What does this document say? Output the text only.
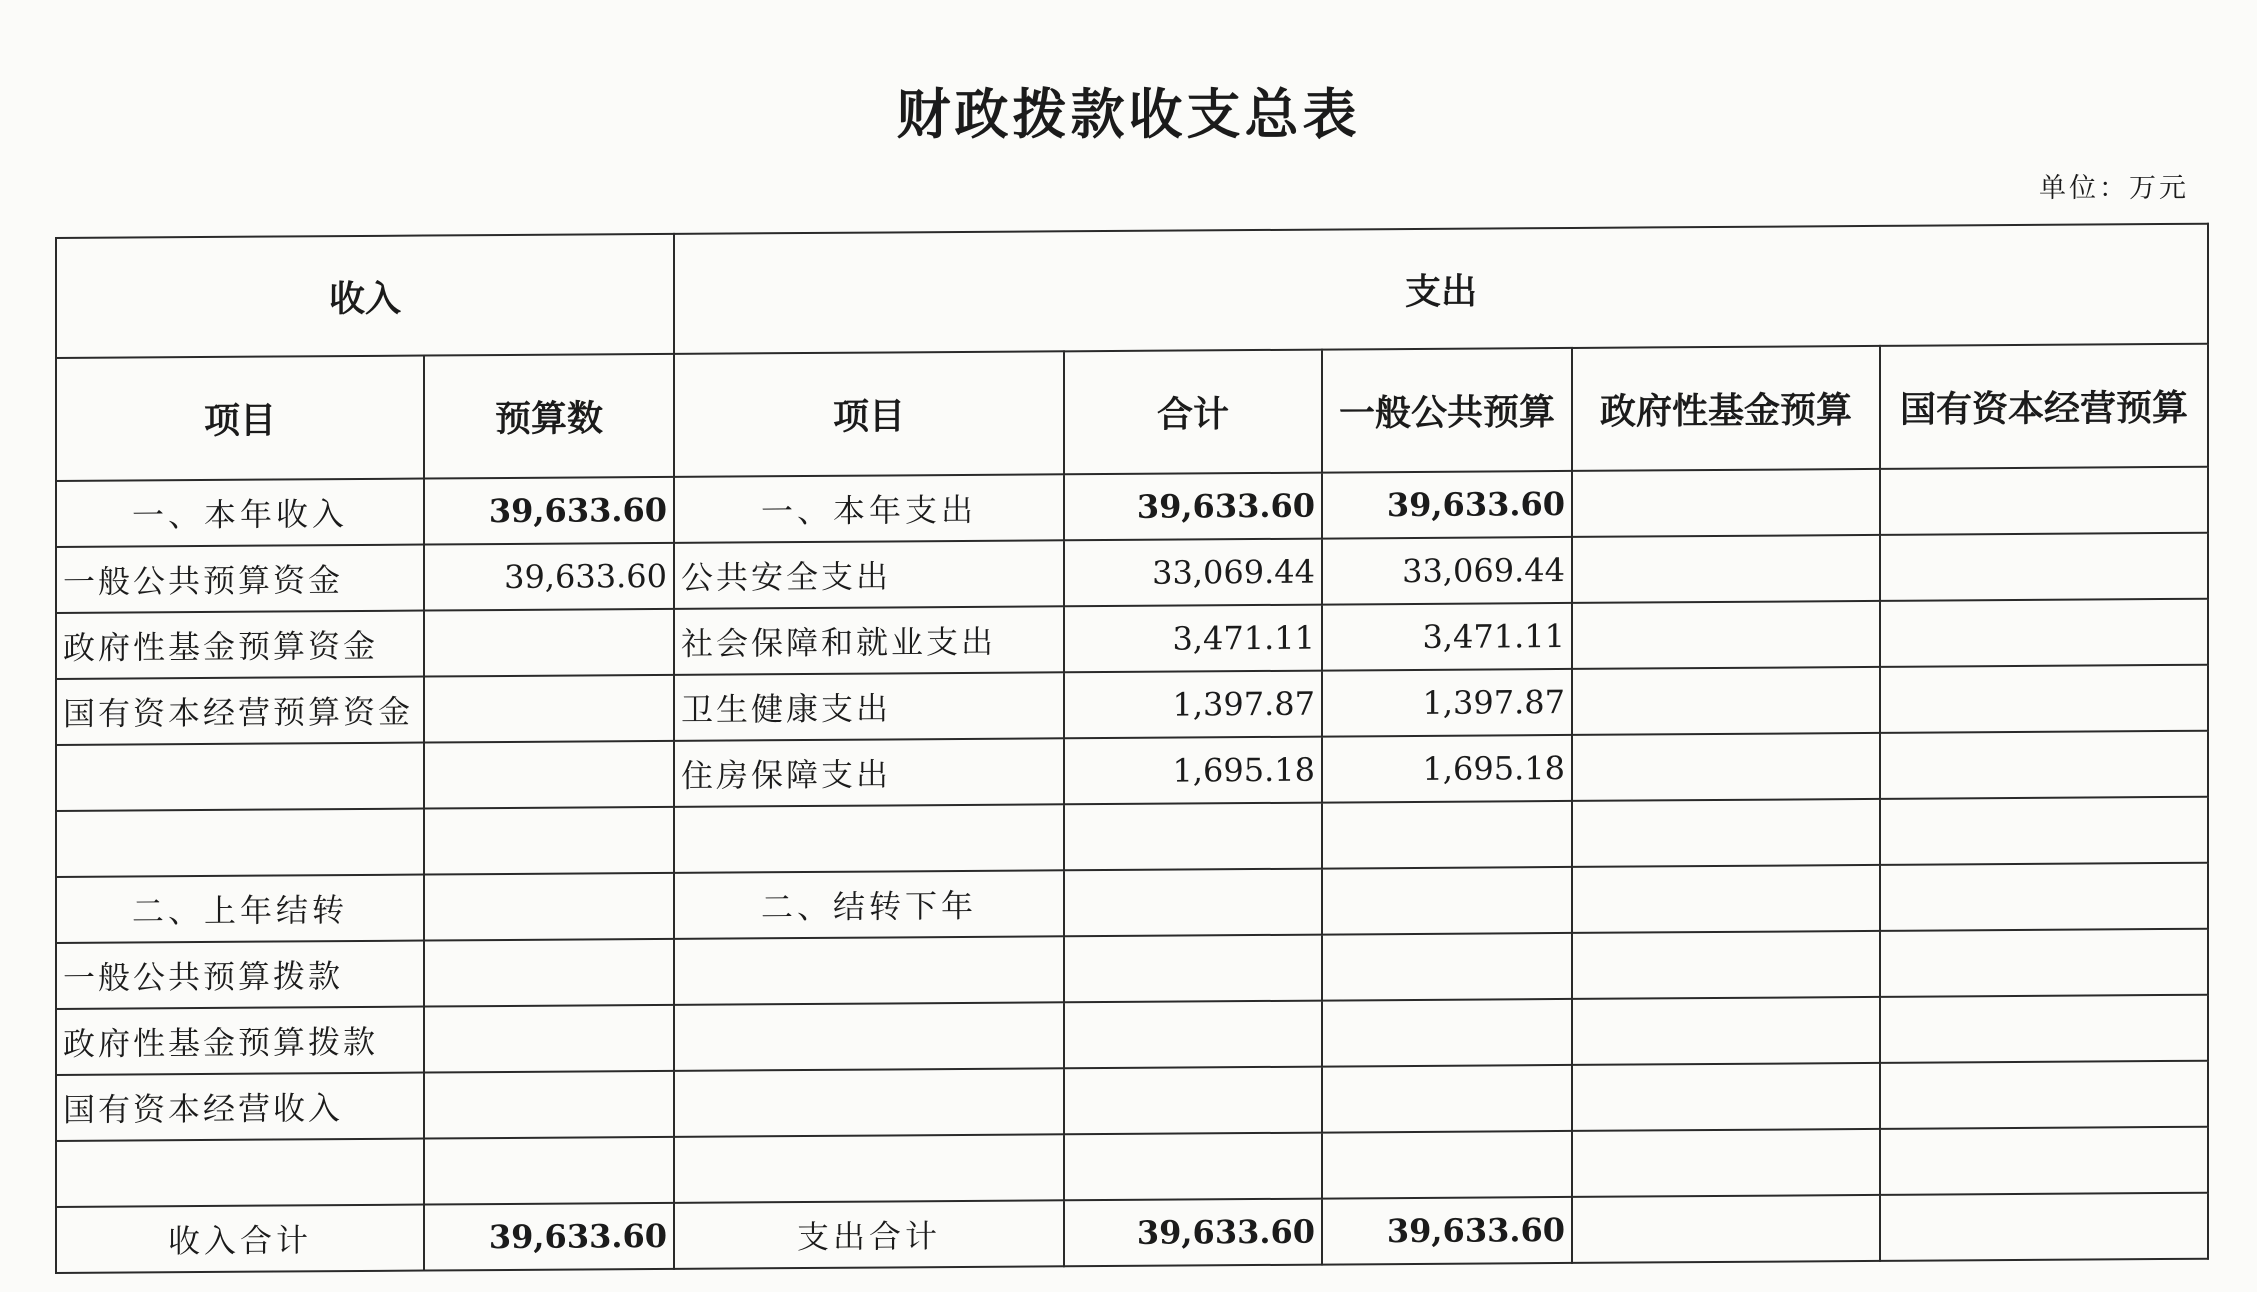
财政拨款收支总表
单位：万元
收入		支出				
项目	预算数	项目	合计	一般公共预算	政府性基金预算	国有资本经营预算
一、本年收入	39,633.60	一、本年支出	39,633.60	39,633.60		
一般公共预算资金	39,633.60	公共安全支出	33,069.44	33,069.44		
政府性基金预算资金		社会保障和就业支出	3,471.11	3,471.11		
国有资本经营预算资金		卫生健康支出	1,397.87	1,397.87		
		住房保障支出	1,695.18	1,695.18		

二、上年结转		二、结转下年				
一般公共预算拨款						
政府性基金预算拨款						
国有资本经营收入						

收入合计	39,633.60	支出合计	39,633.60	39,633.60		
